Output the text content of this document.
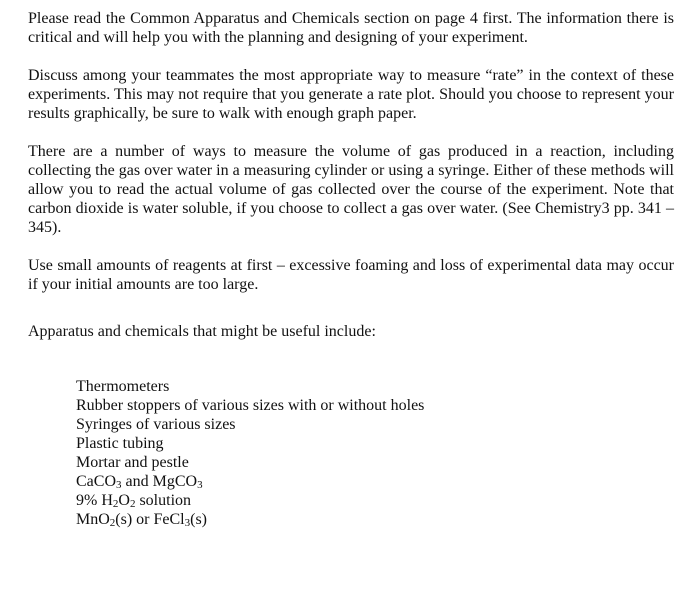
Please read the Common Apparatus and Chemicals section on page 4 first. The information there is critical and will help you with the planning and designing of your experiment.

Discuss among your teammates the most appropriate way to measure “rate” in the context of these experiments. This may not require that you generate a rate plot. Should you choose to represent your results graphically, be sure to walk with enough graph paper.

There are a number of ways to measure the volume of gas produced in a reaction, including collecting the gas over water in a measuring cylinder or using a syringe. Either of these methods will allow you to read the actual volume of gas collected over the course of the experiment. Note that carbon dioxide is water soluble, if you choose to collect a gas over water. (See Chemistry3 pp. 341 – 345).

Use small amounts of reagents at first – excessive foaming and loss of experimental data may occur if your initial amounts are too large.

Apparatus and chemicals that might be useful include:

Thermometers
Rubber stoppers of various sizes with or without holes
Syringes of various sizes
Plastic tubing
Mortar and pestle
CaCO$_3$ and MgCO$_3$
9% $H_2O_2$ solution
MnO$_2$(s) or FeCl$_3$(s)
